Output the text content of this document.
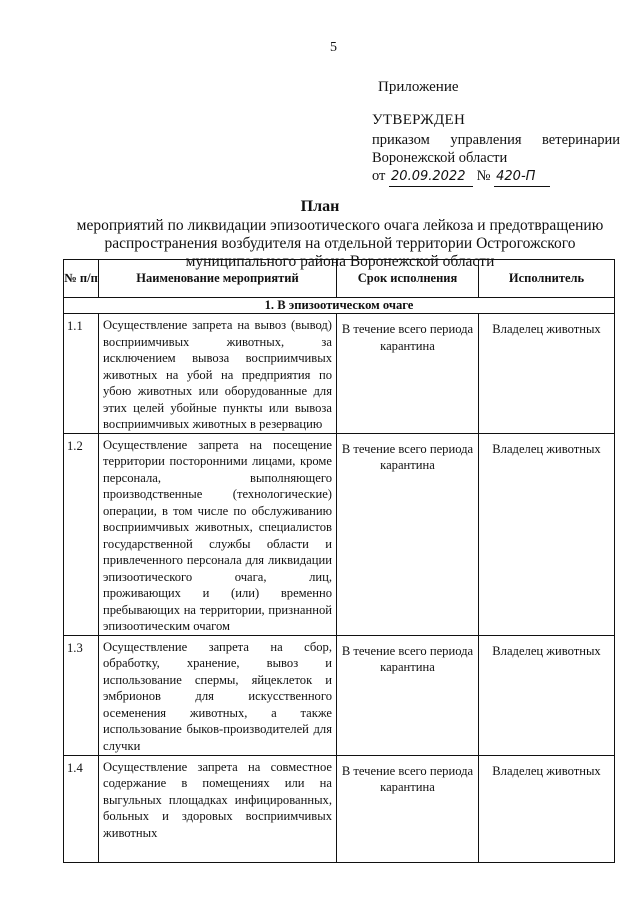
5
Приложение
УТВЕРЖДЕН
приказом управления ветеринарии
Воронежской области
от 20.09.2022 № 420-П
План
мероприятий по ликвидации эпизоотического очага лейкоза и предотвращению распространения возбудителя на отдельной территории Острогожского муниципального района Воронежской области
№ п/п	Наименование мероприятий	Срок исполнения	Исполнитель
1. В эпизоотическом очаге			
1.1	Осуществление запрета на вывоз (вывод) восприимчивых животных, за исключением вывоза восприимчивых животных на убой на предприятия по убою животных или оборудованные для этих целей убойные пункты или вывоза восприимчивых животных в резервацию	В течение всего периода карантина	Владелец животных
1.2	Осуществление запрета на посещение территории посторонними лицами, кроме персонала, выполняющего производственные (технологические) операции, в том числе по обслуживанию восприимчивых животных, специалистов государственной службы области и привлеченного персонала для ликвидации эпизоотического очага, лиц, проживающих и (или) временно пребывающих на территории, признанной эпизоотическим очагом	В течение всего периода карантина	Владелец животных
1.3	Осуществление запрета на сбор, обработку, хранение, вывоз и использование спермы, яйцеклеток и эмбрионов для искусственного осеменения животных, а также использование быков-производителей для случки	В течение всего периода карантина	Владелец животных
1.4	Осуществление запрета на совместное содержание в помещениях или на выгульных площадках инфицированных, больных и здоровых восприимчивых животных	В течение всего периода карантина	Владелец животных
